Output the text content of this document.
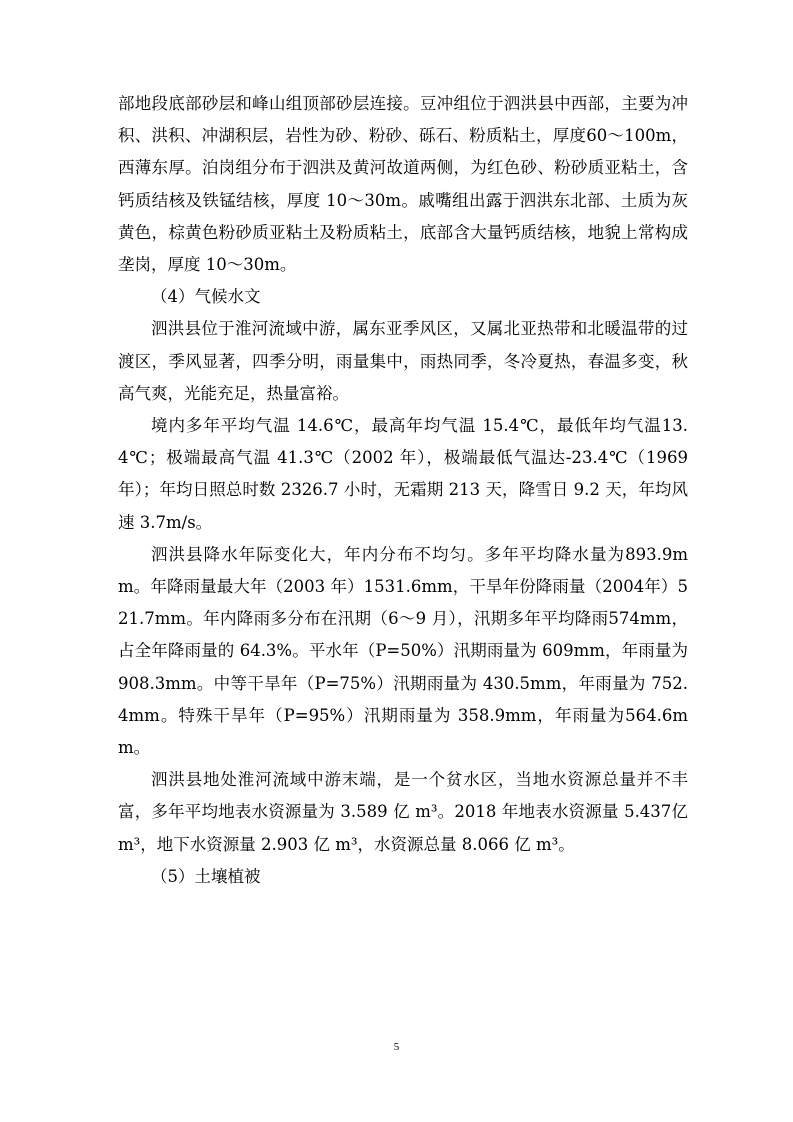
部地段底部砂层和峰山组顶部砂层连接。豆冲组位于泗洪县中西部，主要为冲积、洪积、冲湖积层，岩性为砂、粉砂、砾石、粉质粘土，厚度60～100m，西薄东厚。泊岗组分布于泗洪及黄河故道两侧，为红色砂、粉砂质亚粘土，含钙质结核及铁锰结核，厚度 10～30m。戚嘴组出露于泗洪东北部、土质为灰黄色，棕黄色粉砂质亚粘土及粉质粘土，底部含大量钙质结核，地貌上常构成垄岗，厚度 10～30m。

（4）气候水文

泗洪县位于淮河流域中游，属东亚季风区，又属北亚热带和北暖温带的过渡区，季风显著，四季分明，雨量集中，雨热同季，冬冷夏热，春温多变，秋高气爽，光能充足，热量富裕。

境内多年平均气温 14.6℃，最高年均气温 15.4℃，最低年均气温13.4℃；极端最高气温 41.3℃（2002 年），极端最低气温达-23.4℃（1969年）；年均日照总时数 2326.7 小时，无霜期 213 天，降雪日 9.2 天，年均风速 3.7m/s。

泗洪县降水年际变化大，年内分布不均匀。多年平均降水量为893.9mm。年降雨量最大年（2003 年）1531.6mm，干旱年份降雨量（2004年）521.7mm。年内降雨多分布在汛期（6～9 月），汛期多年平均降雨574mm，占全年降雨量的 64.3%。平水年（P=50%）汛期雨量为 609mm，年雨量为 908.3mm。中等干旱年（P=75%）汛期雨量为 430.5mm，年雨量为 752.4mm。特殊干旱年（P=95%）汛期雨量为 358.9mm，年雨量为564.6mm。

泗洪县地处淮河流域中游末端，是一个贫水区，当地水资源总量并不丰富，多年平均地表水资源量为 3.589 亿 m³。2018 年地表水资源量 5.437亿 m³，地下水资源量 2.903 亿 m³，水资源总量 8.066 亿 m³。

（5）土壤植被

5
